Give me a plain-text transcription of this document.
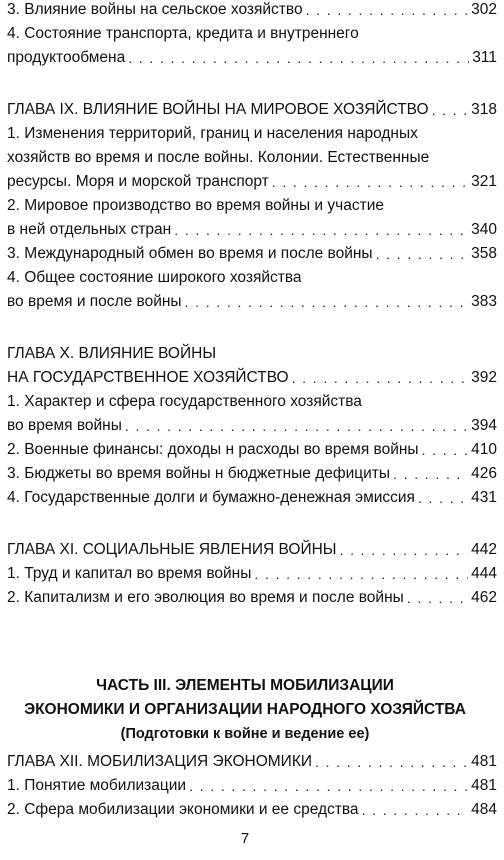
3. Влияние войны на сельское хозяйство . . .	302
4. Состояние транспорта, кредита и внутреннего
продуктообмена . . .	311
ГЛАВА IX. ВЛИЯНИЕ ВОЙНЫ НА МИРОВОЕ ХОЗЯЙСТВО . . .	318
1. Изменения территорий, границ и населения народных
хозяйств во время и после войны. Колонии. Естественные
ресурсы. Моря и морской транспорт . . .	321
2. Мировое производство во время войны и участие
в ней отдельных стран . . .	340
3. Международный обмен во время и после войны . . .	358
4. Общее состояние широкого хозяйства
во время и после войны . . .	383
ГЛАВА Х. ВЛИЯНИЕ ВОЙНЫ
НА ГОСУДАРСТВЕННОЕ ХОЗЯЙСТВО . . .	392
1. Характер и сфера государственного хозяйства
во время войны . . .	394
2. Военные финансы: доходы н расходы во время войны . . .	410
3. Бюджеты во время войны н бюджетные дефициты . . .	426
4. Государственные долги и бумажно-денежная эмиссия . . .	431
ГЛАВА XI. СОЦИАЛЬНЫЕ ЯВЛЕНИЯ ВОЙНЫ . . .	442
1. Труд и капитал во время войны . . .	444
2. Капитализм и его эволюция во время и после войны . . .	462
ГЛАВА XII. МОБИЛИЗАЦИЯ ЭКОНОМИКИ . . .	481
1. Понятие мобилизации . . .	481
2. Сфера мобилизации экономики и ее средства . . .	484
ЧАСТЬ III. ЭЛЕМЕНТЫ МОБИЛИЗАЦИИ
ЭКОНОМИКИ И ОРГАНИЗАЦИИ НАРОДНОГО ХОЗЯЙСТВА
(Подготовки к войне и ведение ее)
7
